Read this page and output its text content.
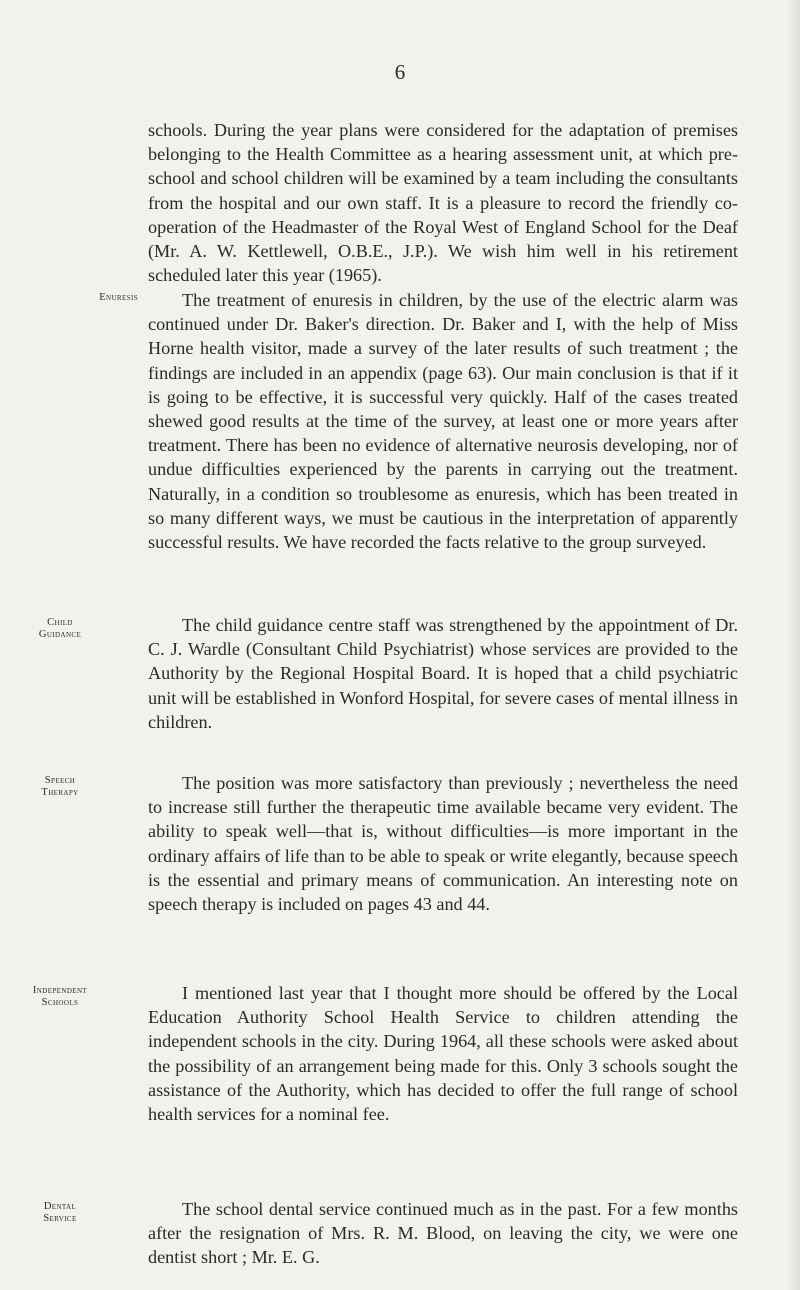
6

schools. During the year plans were considered for the adaptation of premises belonging to the Health Committee as a hearing assessment unit, at which pre-school and school children will be examined by a team including the consultants from the hospital and our own staff. It is a pleasure to record the friendly co-operation of the Headmaster of the Royal West of England School for the Deaf (Mr. A. W. Kettlewell, O.B.E., J.P.). We wish him well in his retirement scheduled later this year (1965).

Enuresis	The treatment of enuresis in children, by the use of the electric alarm was continued under Dr. Baker's direction. Dr. Baker and I, with the help of Miss Horne health visitor, made a survey of the later results of such treatment ; the findings are included in an appendix (page 63). Our main conclusion is that if it is going to be effective, it is successful very quickly. Half of the cases treated shewed good results at the time of the survey, at least one or more years after treatment. There has been no evidence of alternative neurosis developing, nor of undue difficulties experienced by the parents in carrying out the treatment. Naturally, in a condition so troublesome as enuresis, which has been treated in so many different ways, we must be cautious in the interpretation of apparently successful results. We have recorded the facts relative to the group surveyed.

Child
Guidance	The child guidance centre staff was strengthened by the appointment of Dr. C. J. Wardle (Consultant Child Psychiatrist) whose services are provided to the Authority by the Regional Hospital Board. It is hoped that a child psychiatric unit will be established in Wonford Hospital, for severe cases of mental illness in children.

Speech
Therapy	The position was more satisfactory than previously ; nevertheless the need to increase still further the therapeutic time available became very evident. The ability to speak well—that is, without difficulties—is more important in the ordinary affairs of life than to be able to speak or write elegantly, because speech is the essential and primary means of communication. An interesting note on speech therapy is included on pages 43 and 44.

Independent
Schools	I mentioned last year that I thought more should be offered by the Local Education Authority School Health Service to children attending the independent schools in the city. During 1964, all these schools were asked about the possibility of an arrangement being made for this. Only 3 schools sought the assistance of the Authority, which has decided to offer the full range of school health services for a nominal fee.

Dental
Service	The school dental service continued much as in the past. For a few months after the resignation of Mrs. R. M. Blood, on leaving the city, we were one dentist short ; Mr. E. G.
